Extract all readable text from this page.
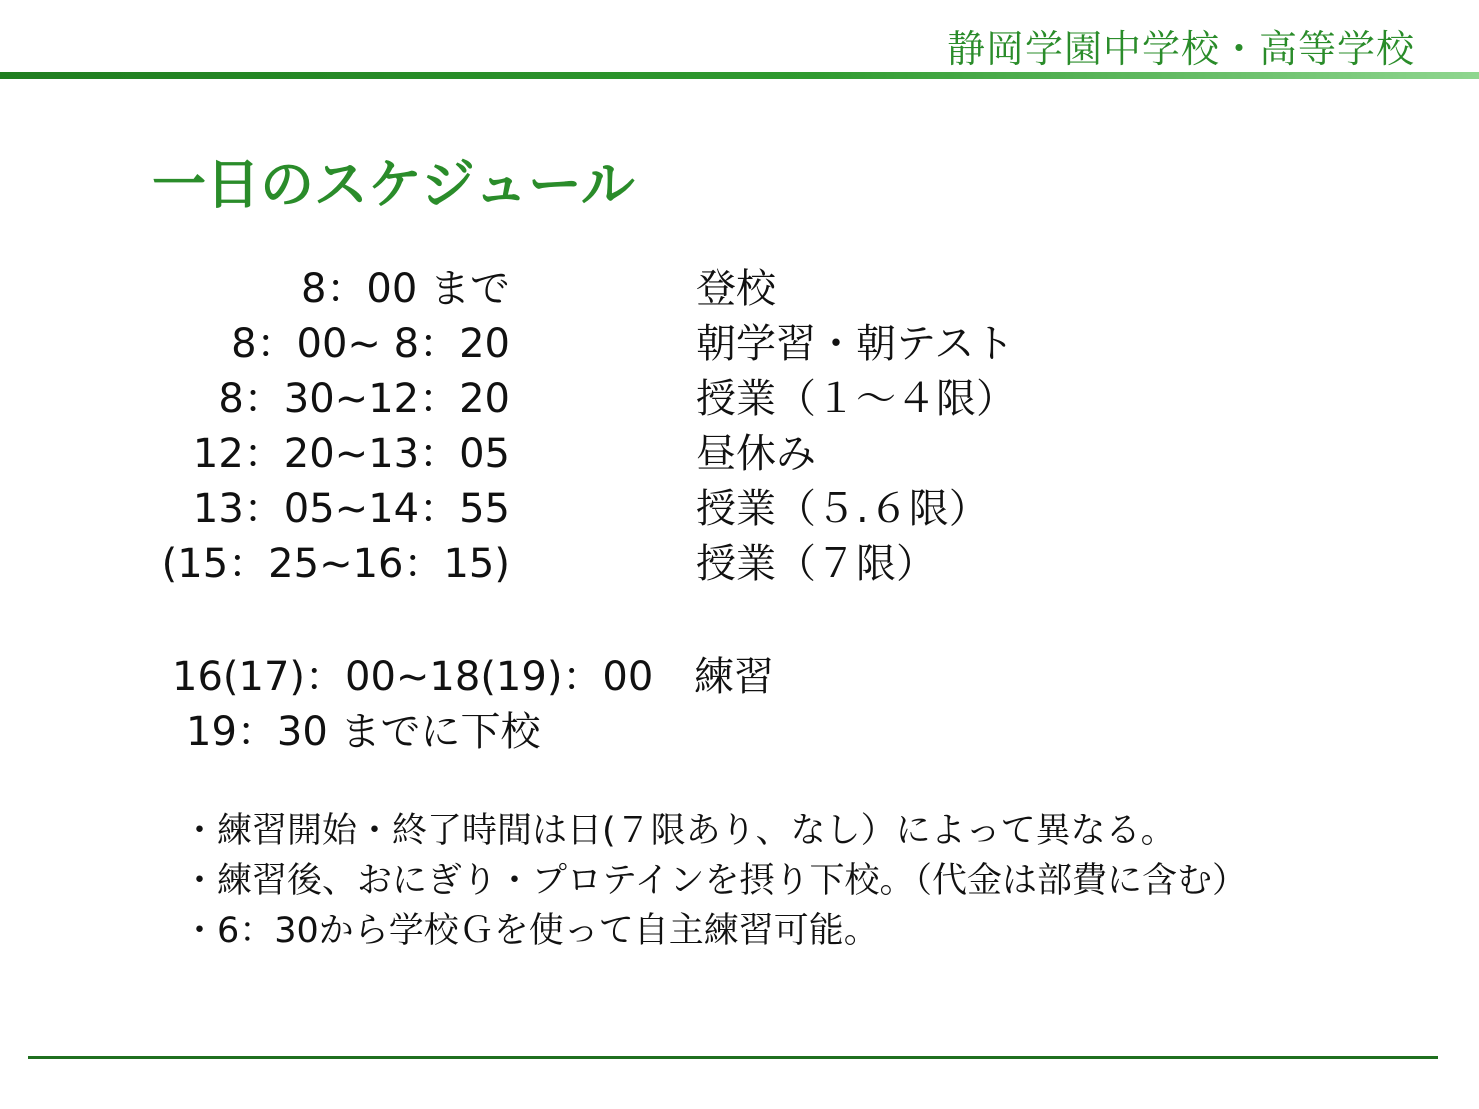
静岡学園中学校・高等学校
一日のスケジュール
8：00 まで	登校
8：00~ 8：20	朝学習・朝テスト
8：30~12：20	授業（１～４限）
12：20~13：05	昼休み
13：05~14：55	授業（５.６限）
(15：25~16：15)	授業（７限）
16(17)：00~18(19)：00 練習
19：30 までに下校
・練習開始・終了時間は日(７限あり、なし）によって異なる。
・練習後、おにぎり・プロテインを摂り下校。（代金は部費に含む）
・6：30から学校Ｇを使って自主練習可能。
